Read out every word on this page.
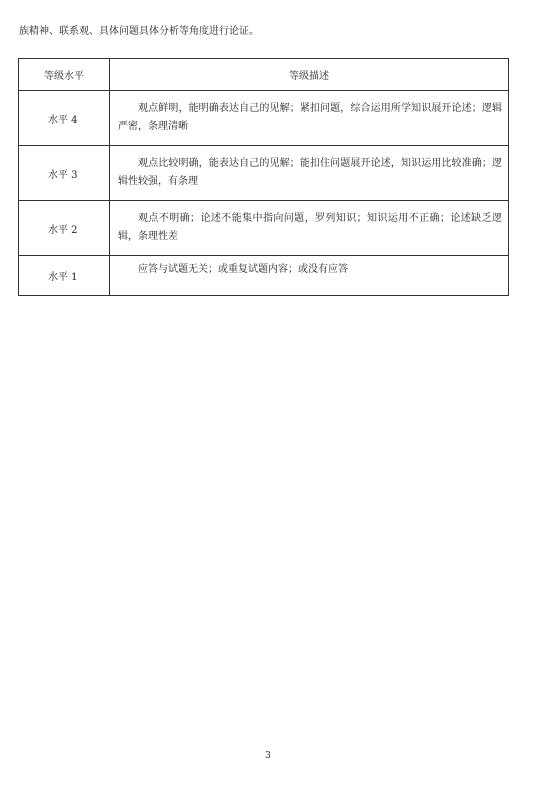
族精神、联系观、具体问题具体分析等角度进行论证。
等级水平	等级描述
水平 4	观点鲜明，能明确表达自己的见解；紧扣问题，综合运用所学知识展开论述；逻辑严密，条理清晰
水平 3	观点比较明确，能表达自己的见解；能扣住问题展开论述，知识运用比较准确；逻辑性较强，有条理
水平 2	观点不明确；论述不能集中指向问题，罗列知识；知识运用不正确；论述缺乏逻辑，条理性差
水平 1	应答与试题无关；或重复试题内容；或没有应答
3
